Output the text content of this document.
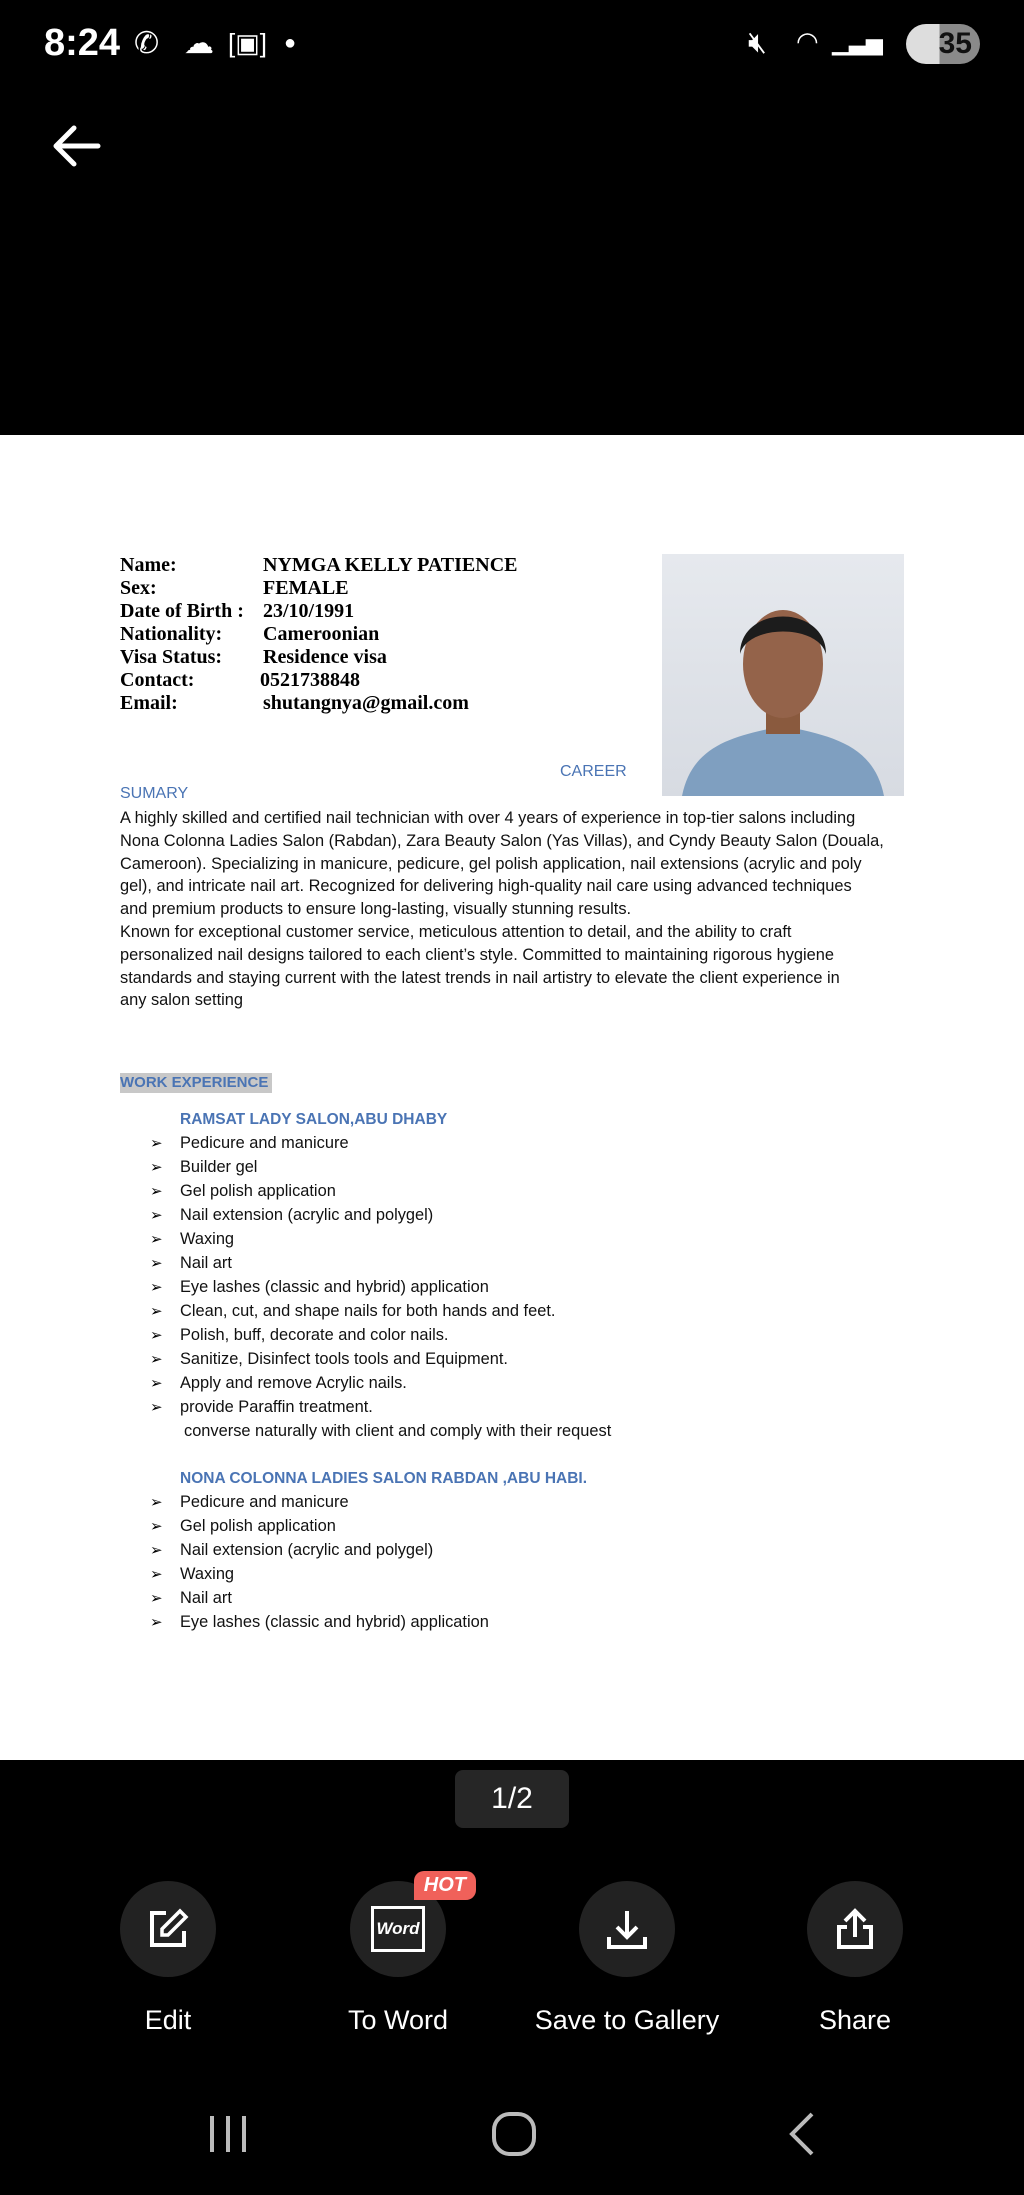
8:24 ✆ ☁ [▣] ●	🔇︎ ◠ ▁▃▅	35
Name:	NYMGA KELLY PATIENCE
Sex:	FEMALE
Date of Birth : 23/10/1991
Nationality: Cameroonian
Visa Status: Residence visa
Contact:	0521738848
Email:	shutangnya@gmail.com
CAREER
SUMARY
A highly skilled and certified nail technician with over 4 years of experience in top-tier salons including
Nona Colonna Ladies Salon (Rabdan), Zara Beauty Salon (Yas Villas), and Cyndy Beauty Salon (Douala,
Cameroon). Specializing in manicure, pedicure, gel polish application, nail extensions (acrylic and poly
gel), and intricate nail art. Recognized for delivering high-quality nail care using advanced techniques
and premium products to ensure long-lasting, visually stunning results.
Known for exceptional customer service, meticulous attention to detail, and the ability to craft
personalized nail designs tailored to each client’s style. Committed to maintaining rigorous hygiene
standards and staying current with the latest trends in nail artistry to elevate the client experience in
any salon setting
WORK EXPERIENCE
RAMSAT LADY SALON,ABU DHABY
➢ Pedicure and manicure
➢ Builder gel
➢ Gel polish application
➢ Nail extension (acrylic and polygel)
➢ Waxing
➢ Nail art
➢ Eye lashes (classic and hybrid) application
➢ Clean, cut, and shape nails for both hands and feet.
➢ Polish, buff, decorate and color nails.
➢ Sanitize, Disinfect tools tools and Equipment.
➢ Apply and remove Acrylic nails.
➢ provide Paraffin treatment.
converse naturally with client and comply with their request
NONA COLONNA LADIES SALON RABDAN ,ABU HABI.
➢ Pedicure and manicure
➢ Gel polish application
➢ Nail extension (acrylic and polygel)
➢ Waxing
➢ Nail art
➢ Eye lashes (classic and hybrid) application
1/2
Edit
Word
HOT
To Word	Save to Gallery	Share
